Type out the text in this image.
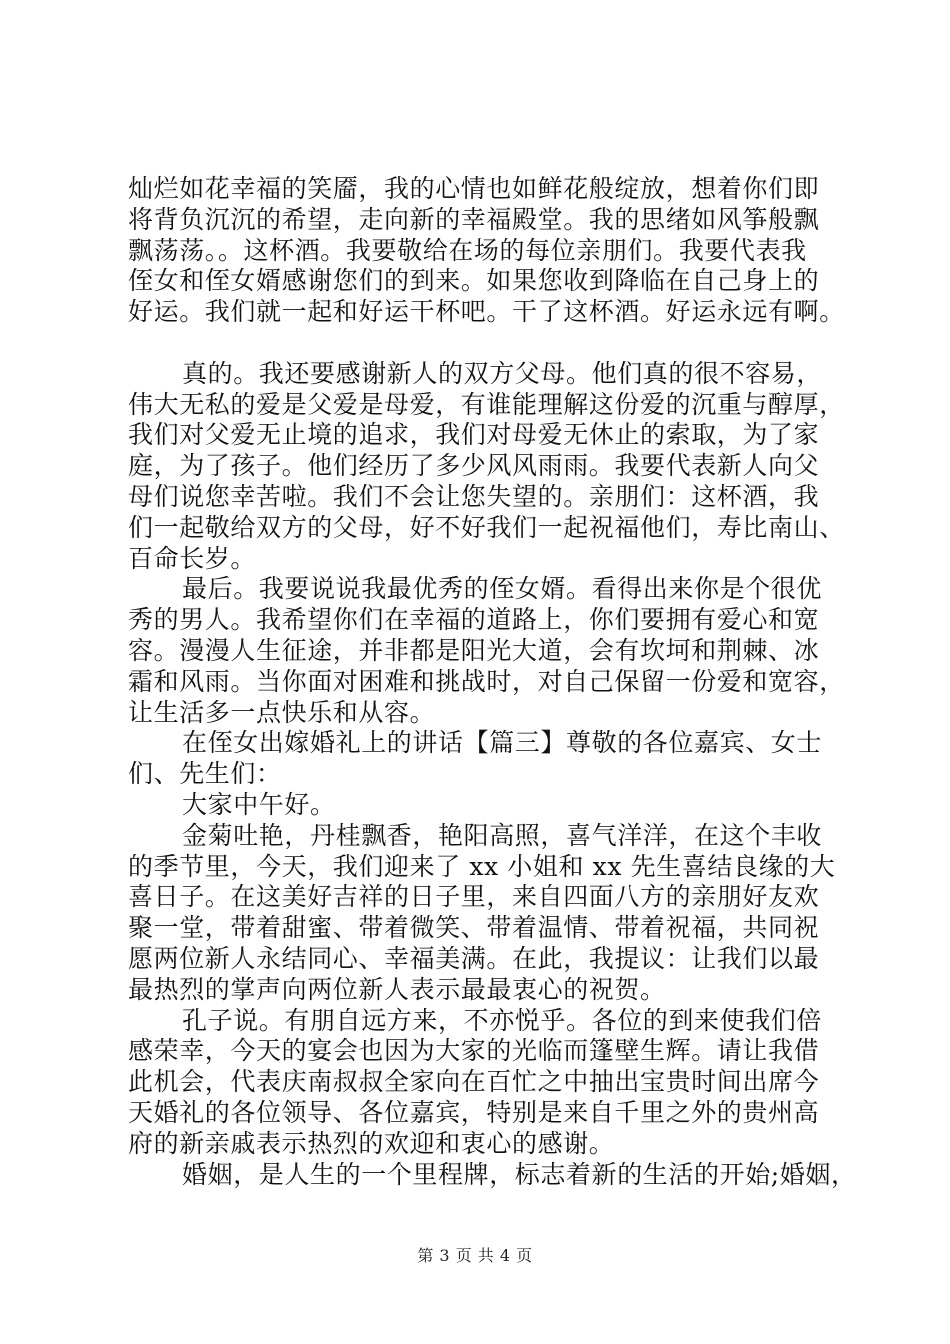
灿烂如花幸福的笑靥，我的心情也如鲜花般绽放，想着你们即
将背负沉沉的希望，走向新的幸福殿堂。我的思绪如风筝般飘
飘荡荡。。这杯酒。我要敬给在场的每位亲朋们。我要代表我
侄女和侄女婿感谢您们的到来。如果您收到降临在自己身上的
好运。我们就一起和好运干杯吧。干了这杯酒。好运永远有啊。
真的。我还要感谢新人的双方父母。他们真的很不容易，
伟大无私的爱是父爱是母爱，有谁能理解这份爱的沉重与醇厚，
我们对父爱无止境的追求，我们对母爱无休止的索取，为了家
庭，为了孩子。他们经历了多少风风雨雨。我要代表新人向父
母们说您幸苦啦。我们不会让您失望的。亲朋们：这杯酒，我
们一起敬给双方的父母，好不好我们一起祝福他们，寿比南山、
百命长岁。
最后。我要说说我最优秀的侄女婿。看得出来你是个很优
秀的男人。我希望你们在幸福的道路上，你们要拥有爱心和宽
容。漫漫人生征途，并非都是阳光大道，会有坎坷和荆棘、冰
霜和风雨。当你面对困难和挑战时，对自己保留一份爱和宽容，
让生活多一点快乐和从容。
在侄女出嫁婚礼上的讲话【篇三】尊敬的各位嘉宾、女士
们、先生们：
大家中午好。
金菊吐艳，丹桂飘香，艳阳高照，喜气洋洋，在这个丰收
的季节里，今天，我们迎来了 xx 小姐和 xx 先生喜结良缘的大
喜日子。在这美好吉祥的日子里，来自四面八方的亲朋好友欢
聚一堂，带着甜蜜、带着微笑、带着温情、带着祝福，共同祝
愿两位新人永结同心、幸福美满。在此，我提议：让我们以最
最热烈的掌声向两位新人表示最最衷心的祝贺。
孔子说。有朋自远方来，不亦悦乎。各位的到来使我们倍
感荣幸，今天的宴会也因为大家的光临而篷壁生辉。请让我借
此机会，代表庆南叔叔全家向在百忙之中抽出宝贵时间出席今
天婚礼的各位领导、各位嘉宾，特别是来自千里之外的贵州高
府的新亲戚表示热烈的欢迎和衷心的感谢。
婚姻，是人生的一个里程牌，标志着新的生活的开始;婚姻，
第 3 页 共 4 页
